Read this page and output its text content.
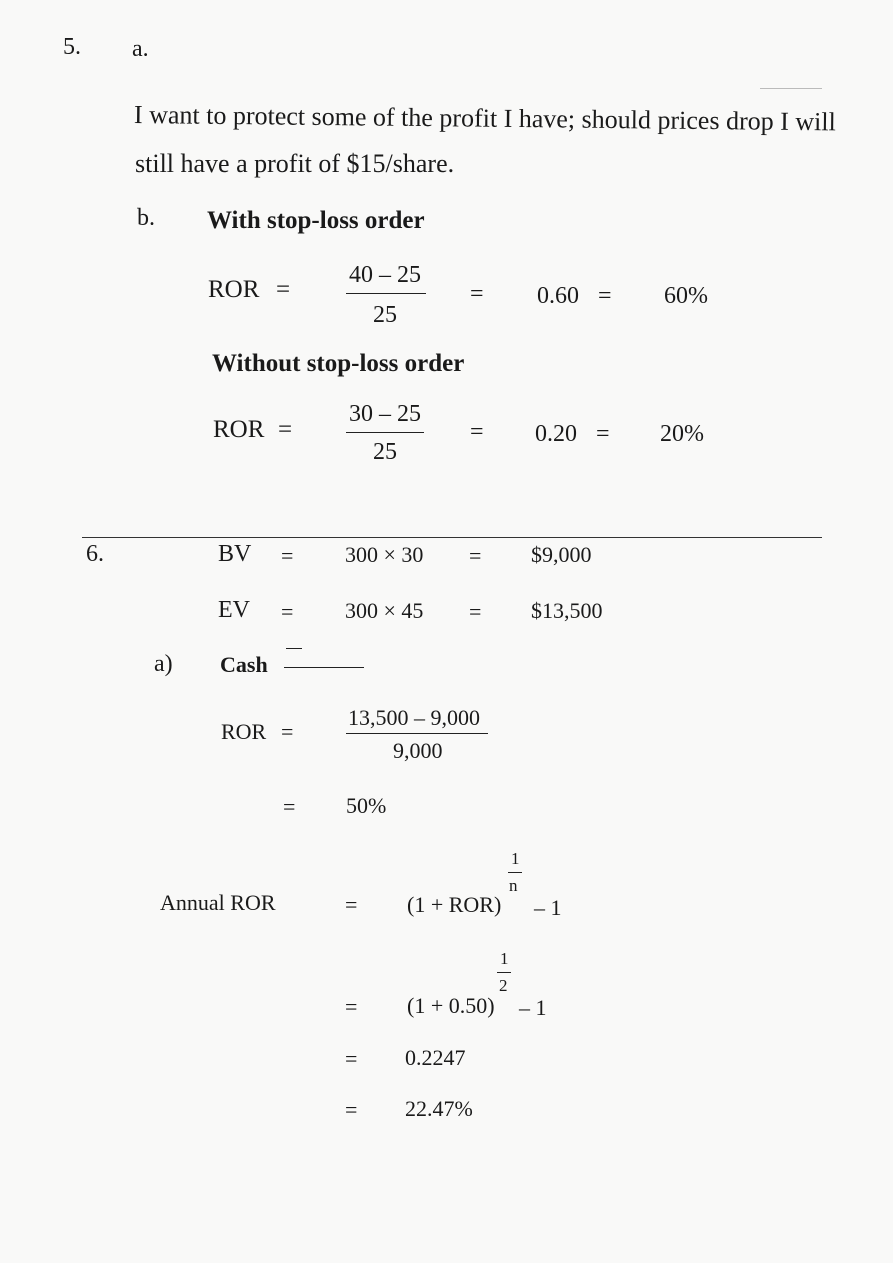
5. a.
I want to protect some of the profit I have; should prices drop I will
still have a profit of $15/share.
b. With stop-loss order
ROR =
40 – 25
25
= 0.60 = 60%
Without stop-loss order
ROR =
30 – 25
25
= 0.20 = 20%
6.	BV = 300 × 30 = $9,000
EV = 300 × 45 = $13,500
a) Cash
ROR =
13,500 – 9,000
9,000
= 50%
Annual ROR	= (1 + ROR)
1
n
– 1
= (1 + 0.50)
1
2
– 1
= 0.2247
= 22.47%
